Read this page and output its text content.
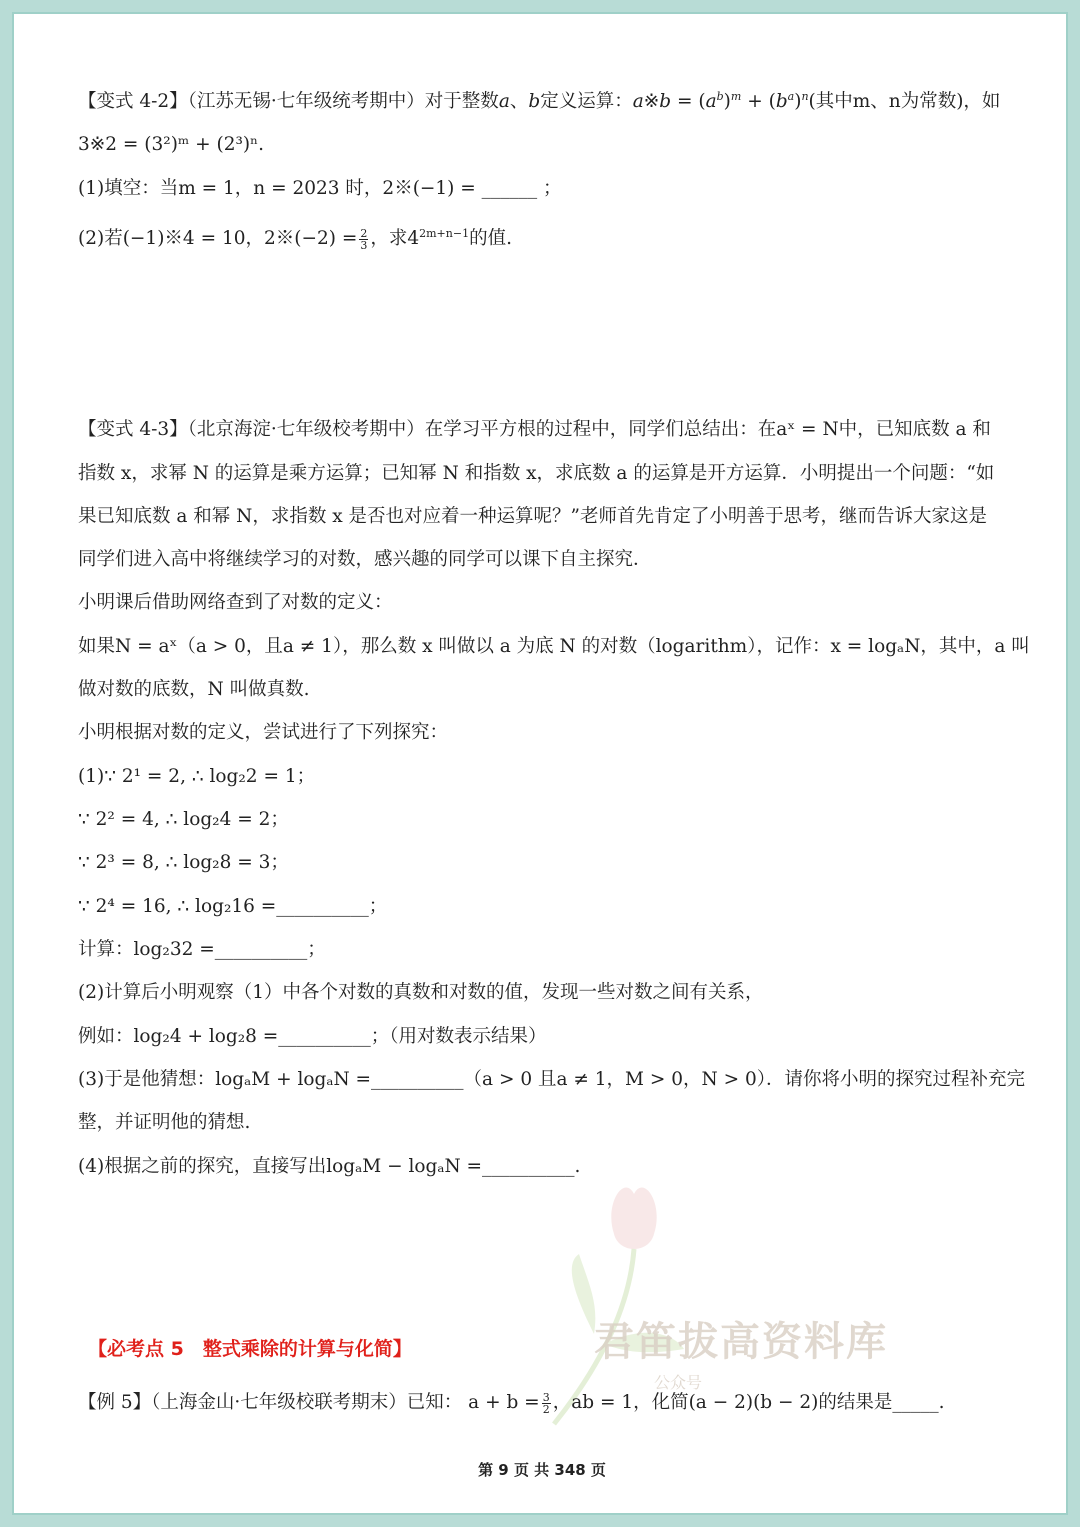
君笛拔高资料库
公众号
【变式 4-2】（江苏无锡·七年级统考期中）对于整数a、b定义运算：a※b = $(a^b)^m + (b^a)^n$(其中m、n为常数)，如
3※2 = (3²)ᵐ + (2³)ⁿ.
(1)填空：当m = 1，n = 2023 时，2※(−1) = ______ ；
(2)若(−1)※4 = 10，2※(−2) = $\frac{2}{3}$ ，求$4^{2m+n-1}$的值.
【变式 4-3】（北京海淀·七年级校考期中）在学习平方根的过程中，同学们总结出：在aˣ = N中，已知底数 a 和
指数 x，求幂 N 的运算是乘方运算；已知幂 N 和指数 x，求底数 a 的运算是开方运算．小明提出一个问题：“如
果已知底数 a 和幂 N，求指数 x 是否也对应着一种运算呢？”老师首先肯定了小明善于思考，继而告诉大家这是
同学们进入高中将继续学习的对数，感兴趣的同学可以课下自主探究．
小明课后借助网络查到了对数的定义：
如果N = aˣ（a > 0，且a ≠ 1），那么数 x 叫做以 a 为底 N 的对数（logarithm），记作：x = logₐN，其中，a 叫
做对数的底数，N 叫做真数.
小明根据对数的定义，尝试进行了下列探究：
(1)∵ 2¹ = 2, ∴ log₂2 = 1；
∵ 2² = 4, ∴ log₂4 = 2；
∵ 2³ = 8, ∴ log₂8 = 3；
∵ 2⁴ = 16, ∴ log₂16 =__________；
计算：log₂32 =__________；
(2)计算后小明观察（1）中各个对数的真数和对数的值，发现一些对数之间有关系，
例如：log₂4 + log₂8 =__________；（用对数表示结果）
(3)于是他猜想：logₐM + logₐN =__________（a > 0 且a ≠ 1，M > 0，N > 0）．请你将小明的探究过程补充完
整，并证明他的猜想.
(4)根据之前的探究，直接写出logₐM − logₐN =__________.
【必考点 5　整式乘除的计算与化简】
【例 5】（上海金山·七年级校联考期末）已知： $a + b = \frac{3}{2}$ ，ab = 1，化简(a − 2)(b − 2)的结果是_____.
第 9 页 共 348 页
